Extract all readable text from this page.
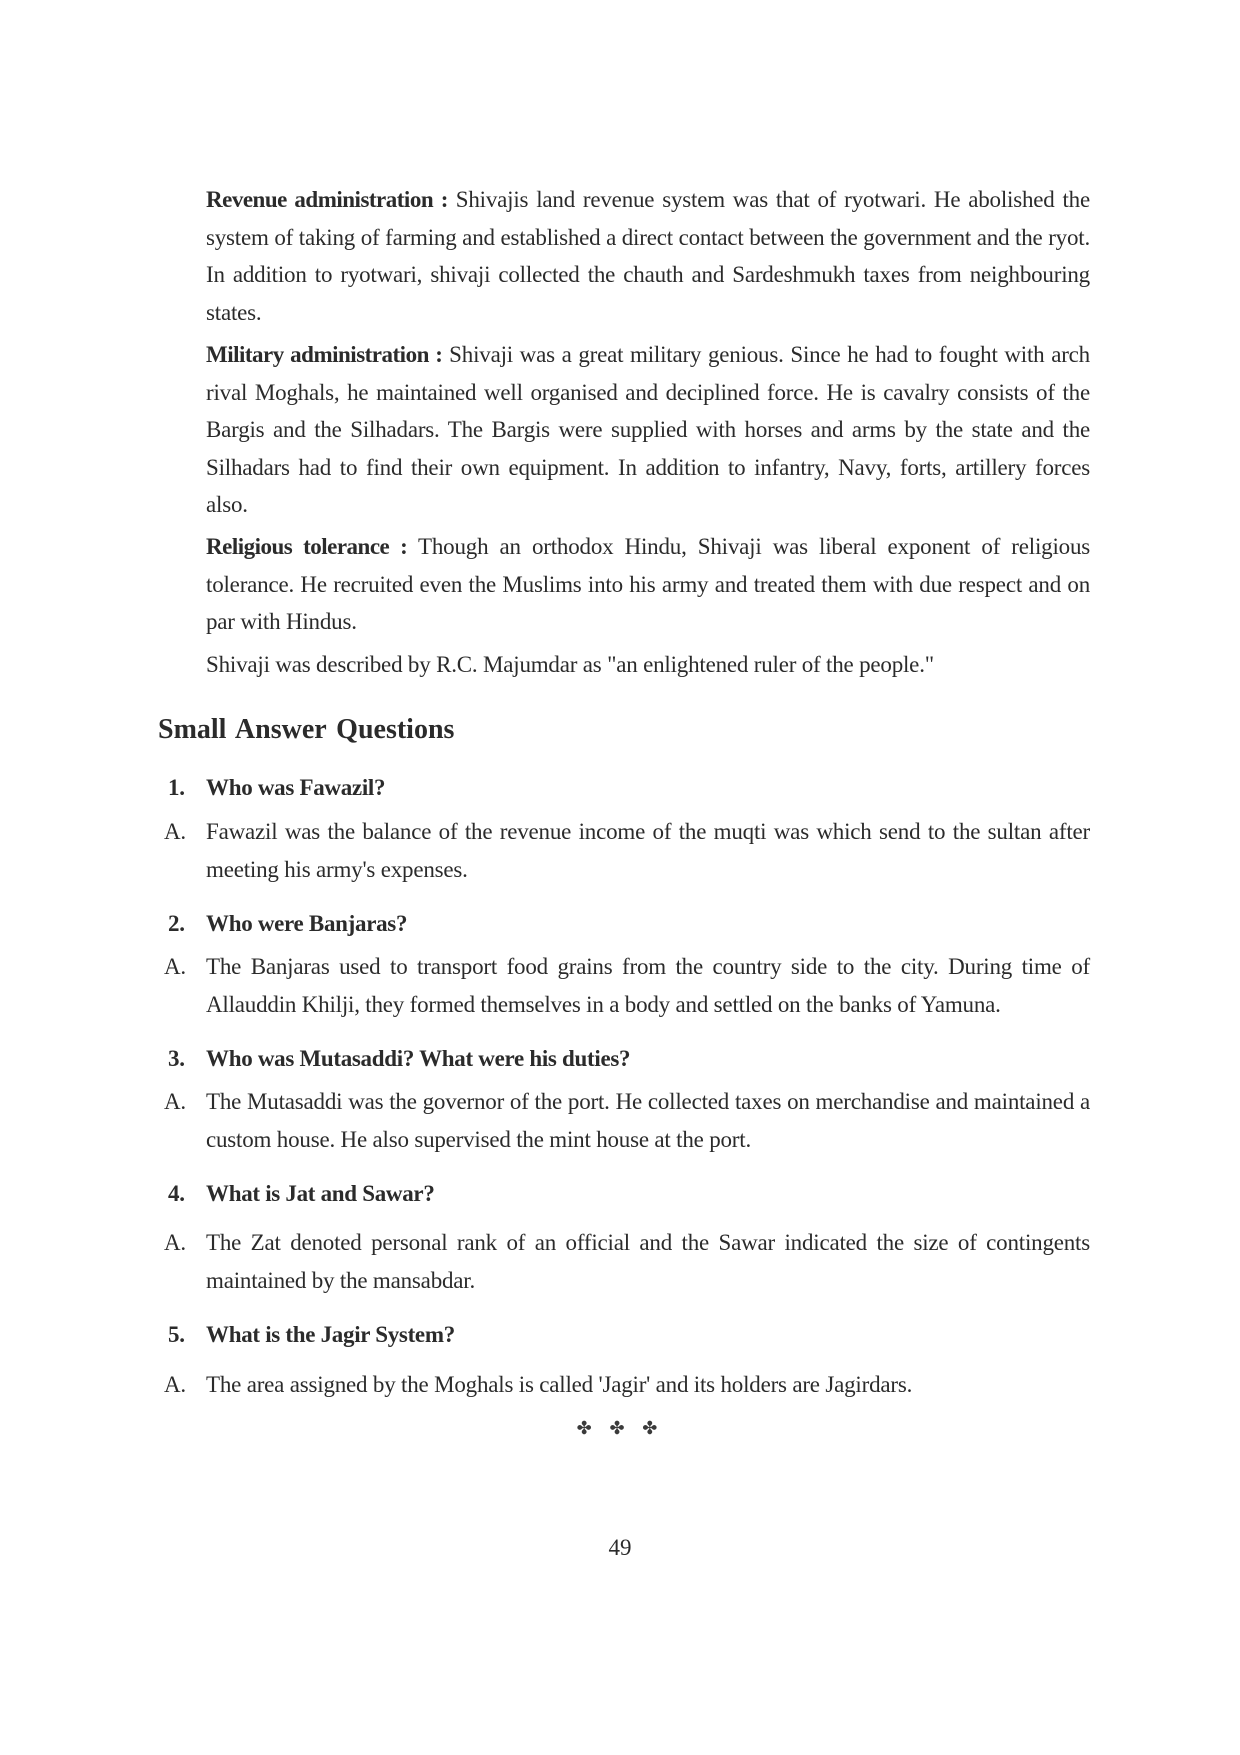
Revenue administration : Shivajis land revenue system was that of ryotwari. He abolished the system of taking of farming and established a direct contact between the government and the ryot. In addition to ryotwari, shivaji collected the chauth and Sardeshmukh taxes from neighbouring states.
Military administration : Shivaji was a great military genious. Since he had to fought with arch rival Moghals, he maintained well organised and deciplined force. He is cavalry consists of the Bargis and the Silhadars. The Bargis were supplied with horses and arms by the state and the Silhadars had to find their own equipment. In addition to infantry, Navy, forts, artillery forces also.
Religious tolerance : Though an orthodox Hindu, Shivaji was liberal exponent of religious tolerance. He recruited even the Muslims into his army and treated them with due respect and on par with Hindus.
Shivaji was described by R.C. Majumdar as "an enlightened ruler of the people."
Small Answer Questions
1. Who was Fawazil?
A. Fawazil was the balance of the revenue income of the muqti was which send to the sultan after meeting his army's expenses.
2. Who were Banjaras?
A. The Banjaras used to transport food grains from the country side to the city. During time of Allauddin Khilji, they formed themselves in a body and settled on the banks of Yamuna.
3. Who was Mutasaddi? What were his duties?
A. The Mutasaddi was the governor of the port. He collected taxes on merchandise and maintained a custom house. He also supervised the mint house at the port.
4. What is Jat and Sawar?
A. The Zat denoted personal rank of an official and the Sawar indicated the size of contingents maintained by the mansabdar.
5. What is the Jagir System?
A. The area assigned by the Moghals is called 'Jagir' and its holders are Jagirdars.
✤ ✤ ✤
49
